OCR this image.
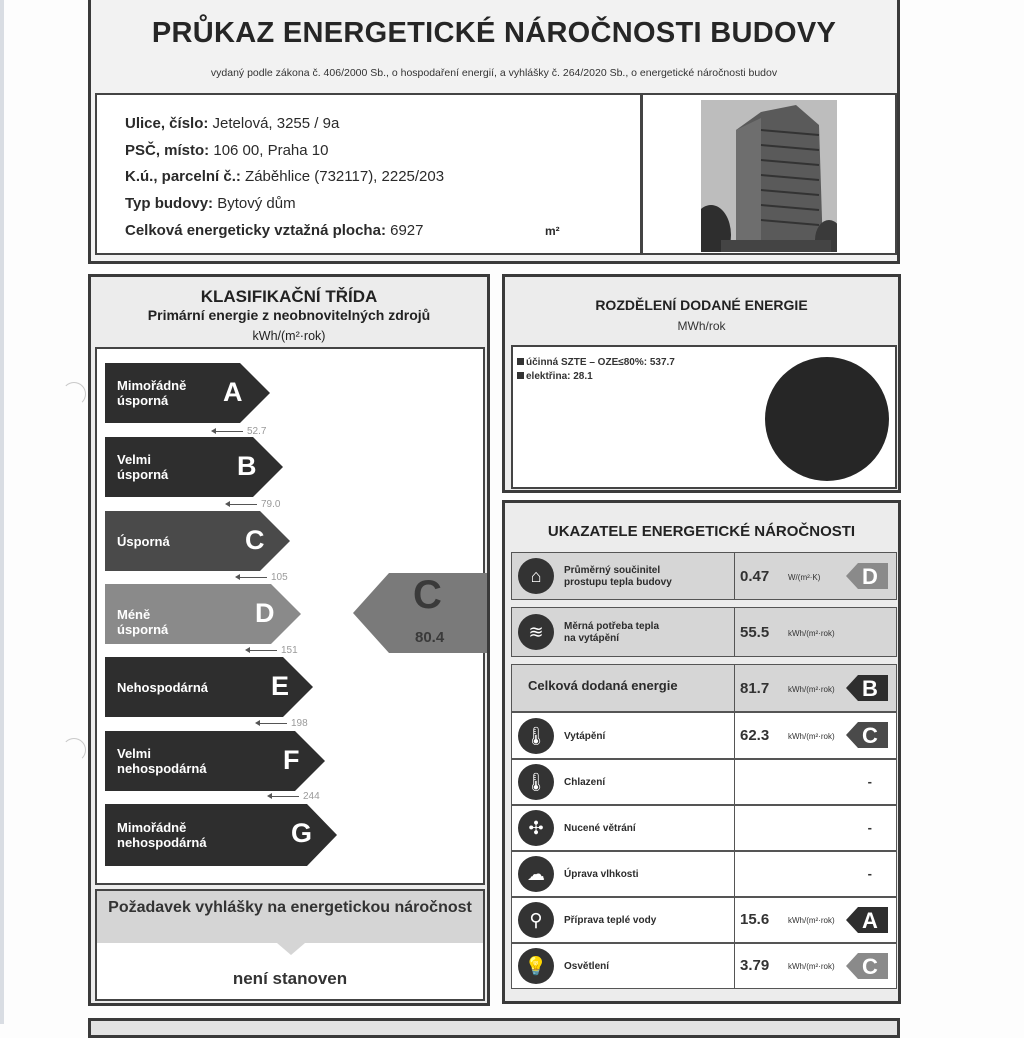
PRŮKAZ ENERGETICKÉ NÁROČNOSTI BUDOVY
vydaný podle zákona č. 406/2000 Sb., o hospodaření energií, a vyhlášky č. 264/2020 Sb., o energetické náročnosti budov
Ulice, číslo: Jetelová, 3255 / 9a
PSČ, místo: 106 00, Praha 10
K.ú., parcelní č.: Záběhlice (732117), 2225/203
Typ budovy: Bytový dům
Celková energeticky vztažná plocha: 6927	m²
KLASIFIKAČNÍ TŘÍDA
Primární energie z neobnovitelných zdrojů
kWh/(m²·rok)
Mimořádně
úsporná	A
52.7
Velmi
úsporná	B
79.0
Úsporná	C
105
Méně úsporná
D
151
Nehospodárná E
198
Velmi
nehospodárná	F
244
Mimořádně
nehospodárná	G
C
80.4
Požadavek vyhlášky na energetickou náročnost
není stanoven
ROZDĚLENÍ DODANÉ ENERGIE
MWh/rok
účinná SZTE – OZE≤80%: 537.7
elektřina: 28.1
UKAZATELE ENERGETICKÉ NÁROČNOSTI
⌂	Průměrný součinitel
prostupu tepla budovy	0.47 W/(m²·K) D
≋	Měrná potřeba tepla
na vytápění	55.5 kWh/(m²·rok)
Celková dodaná energie	81.7 kWh/(m²·rok) B
🌡	Vytápění	62.3 kWh/(m²·rok) C
🌡	Chlazení	-
✣	Nucené větrání	-
☁	Úprava vlhkosti	-
⚲	Příprava teplé vody	15.6 kWh/(m²·rok) A
💡	Osvětlení	3.79 kWh/(m²·rok) C
